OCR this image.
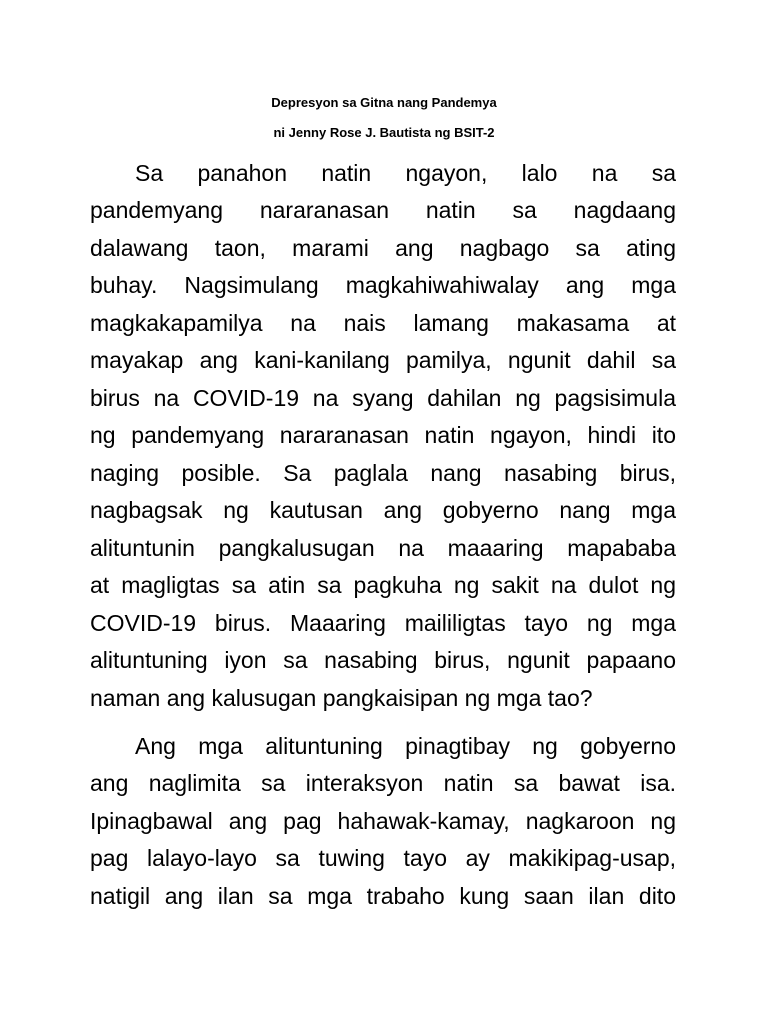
Depresyon sa Gitna nang Pandemya
ni Jenny Rose J. Bautista ng BSIT-2
Sa panahon natin ngayon, lalo na sa
pandemyang nararanasan natin sa nagdaang
dalawang taon, marami ang nagbago sa ating
buhay. Nagsimulang magkahiwahiwalay ang mga
magkakapamilya na nais lamang makasama at
mayakap ang kani-kanilang pamilya, ngunit dahil sa
birus na COVID-19 na syang dahilan ng pagsisimula
ng pandemyang nararanasan natin ngayon, hindi ito
naging posible. Sa paglala nang nasabing birus,
nagbagsak ng kautusan ang gobyerno nang mga
alituntunin pangkalusugan na maaaring mapababa
at magligtas sa atin sa pagkuha ng sakit na dulot ng
COVID-19 birus. Maaaring maililigtas tayo ng mga
alituntuning iyon sa nasabing birus, ngunit papaano
naman ang kalusugan pangkaisipan ng mga tao?
Ang mga alituntuning pinagtibay ng gobyerno
ang naglimita sa interaksyon natin sa bawat isa.
Ipinagbawal ang pag hahawak-kamay, nagkaroon ng
pag lalayo-layo sa tuwing tayo ay makikipag-usap,
natigil ang ilan sa mga trabaho kung saan ilan dito
